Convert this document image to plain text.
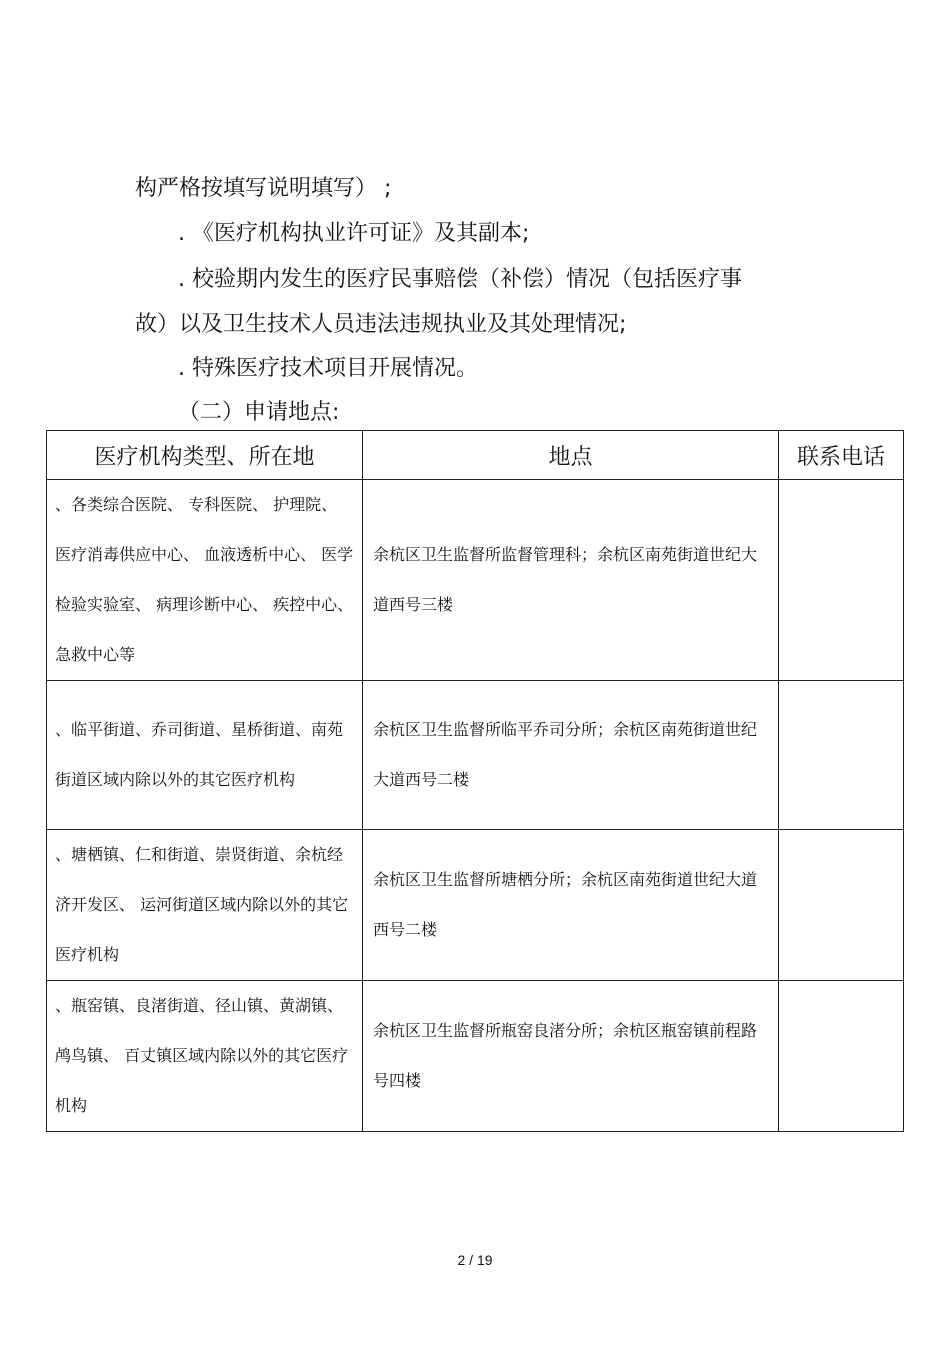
构严格按填写说明填写） ;

. 《医疗机构执业许可证》及其副本;

. 校验期内发生的医疗民事赔偿（补偿）情况（包括医疗事

故）以及卫生技术人员违法违规执业及其处理情况;

. 特殊医疗技术项目开展情况。

（二）申请地点:

医疗机构类型、所在地	地点	联系电话
、各类综合医院、 专科医院、 护理院、 医疗消毒供应中心、 血液透析中心、 医学检验实验室、 病理诊断中心、 疾控中心、急救中心等	余杭区卫生监督所监督管理科；余杭区南苑街道世纪大道西号三楼	
、临平街道、乔司街道、星桥街道、南苑街道区域内除以外的其它医疗机构	余杭区卫生监督所临平乔司分所；余杭区南苑街道世纪大道西号二楼	
、塘栖镇、仁和街道、崇贤街道、余杭经济开发区、 运河街道区域内除以外的其它医疗机构	余杭区卫生监督所塘栖分所；余杭区南苑街道世纪大道西号二楼	
、瓶窑镇、良渚街道、径山镇、黄湖镇、鸬鸟镇、 百丈镇区域内除以外的其它医疗机构	余杭区卫生监督所瓶窑良渚分所；余杭区瓶窑镇前程路号四楼	
2 / 19
